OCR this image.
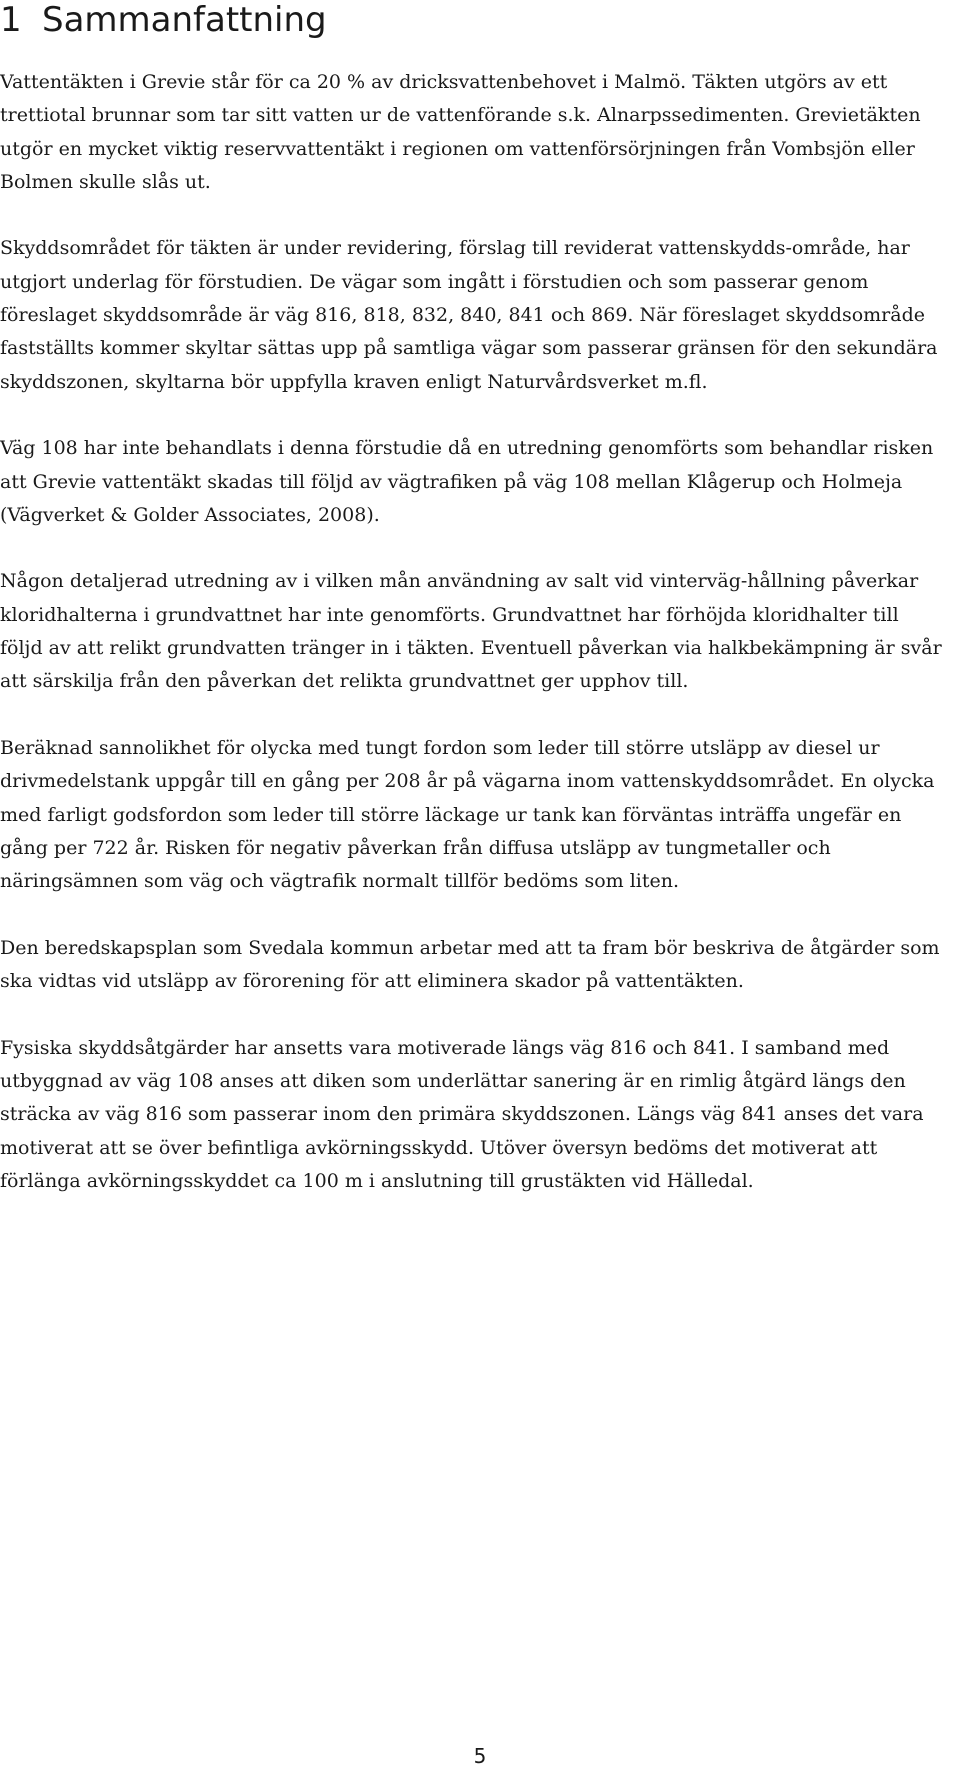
1 Sammanfattning

Vattentäkten i Grevie står för ca 20 % av dricksvattenbehovet i Malmö. Täkten utgörs av ett trettiotal brunnar som tar sitt vatten ur de vattenförande s.k. Alnarpssedimenten. Grevietäkten utgör en mycket viktig reservvattentäkt i regionen om vattenförsörjningen från Vombsjön eller Bolmen skulle slås ut.

Skyddsområdet för täkten är under revidering, förslag till reviderat vattenskydds-område, har utgjort underlag för förstudien. De vägar som ingått i förstudien och som passerar genom föreslaget skyddsområde är väg 816, 818, 832, 840, 841 och 869. När föreslaget skyddsområde fastställts kommer skyltar sättas upp på samtliga vägar som passerar gränsen för den sekundära skyddszonen, skyltarna bör uppfylla kraven enligt Naturvårdsverket m.fl.

Väg 108 har inte behandlats i denna förstudie då en utredning genomförts som behandlar risken att Grevie vattentäkt skadas till följd av vägtrafiken på väg 108 mellan Klågerup och Holmeja (Vägverket & Golder Associates, 2008).

Någon detaljerad utredning av i vilken mån användning av salt vid vinterväg-hållning påverkar kloridhalterna i grundvattnet har inte genomförts. Grundvattnet har förhöjda kloridhalter till följd av att relikt grundvatten tränger in i täkten. Eventuell påverkan via halkbekämpning är svår att särskilja från den påverkan det relikta grundvattnet ger upphov till.

Beräknad sannolikhet för olycka med tungt fordon som leder till större utsläpp av diesel ur drivmedelstank uppgår till en gång per 208 år på vägarna inom vattenskyddsområdet. En olycka med farligt godsfordon som leder till större läckage ur tank kan förväntas inträffa ungefär en gång per 722 år. Risken för negativ påverkan från diffusa utsläpp av tungmetaller och näringsämnen som väg och vägtrafik normalt tillför bedöms som liten.

Den beredskapsplan som Svedala kommun arbetar med att ta fram bör beskriva de åtgärder som ska vidtas vid utsläpp av förorening för att eliminera skador på vattentäkten.

Fysiska skyddsåtgärder har ansetts vara motiverade längs väg 816 och 841. I samband med utbyggnad av väg 108 anses att diken som underlättar sanering är en rimlig åtgärd längs den sträcka av väg 816 som passerar inom den primära skyddszonen. Längs väg 841 anses det vara motiverat att se över befintliga avkörningsskydd. Utöver översyn bedöms det motiverat att förlänga avkörningsskyddet ca 100 m i anslutning till grustäkten vid Hälledal.

5
